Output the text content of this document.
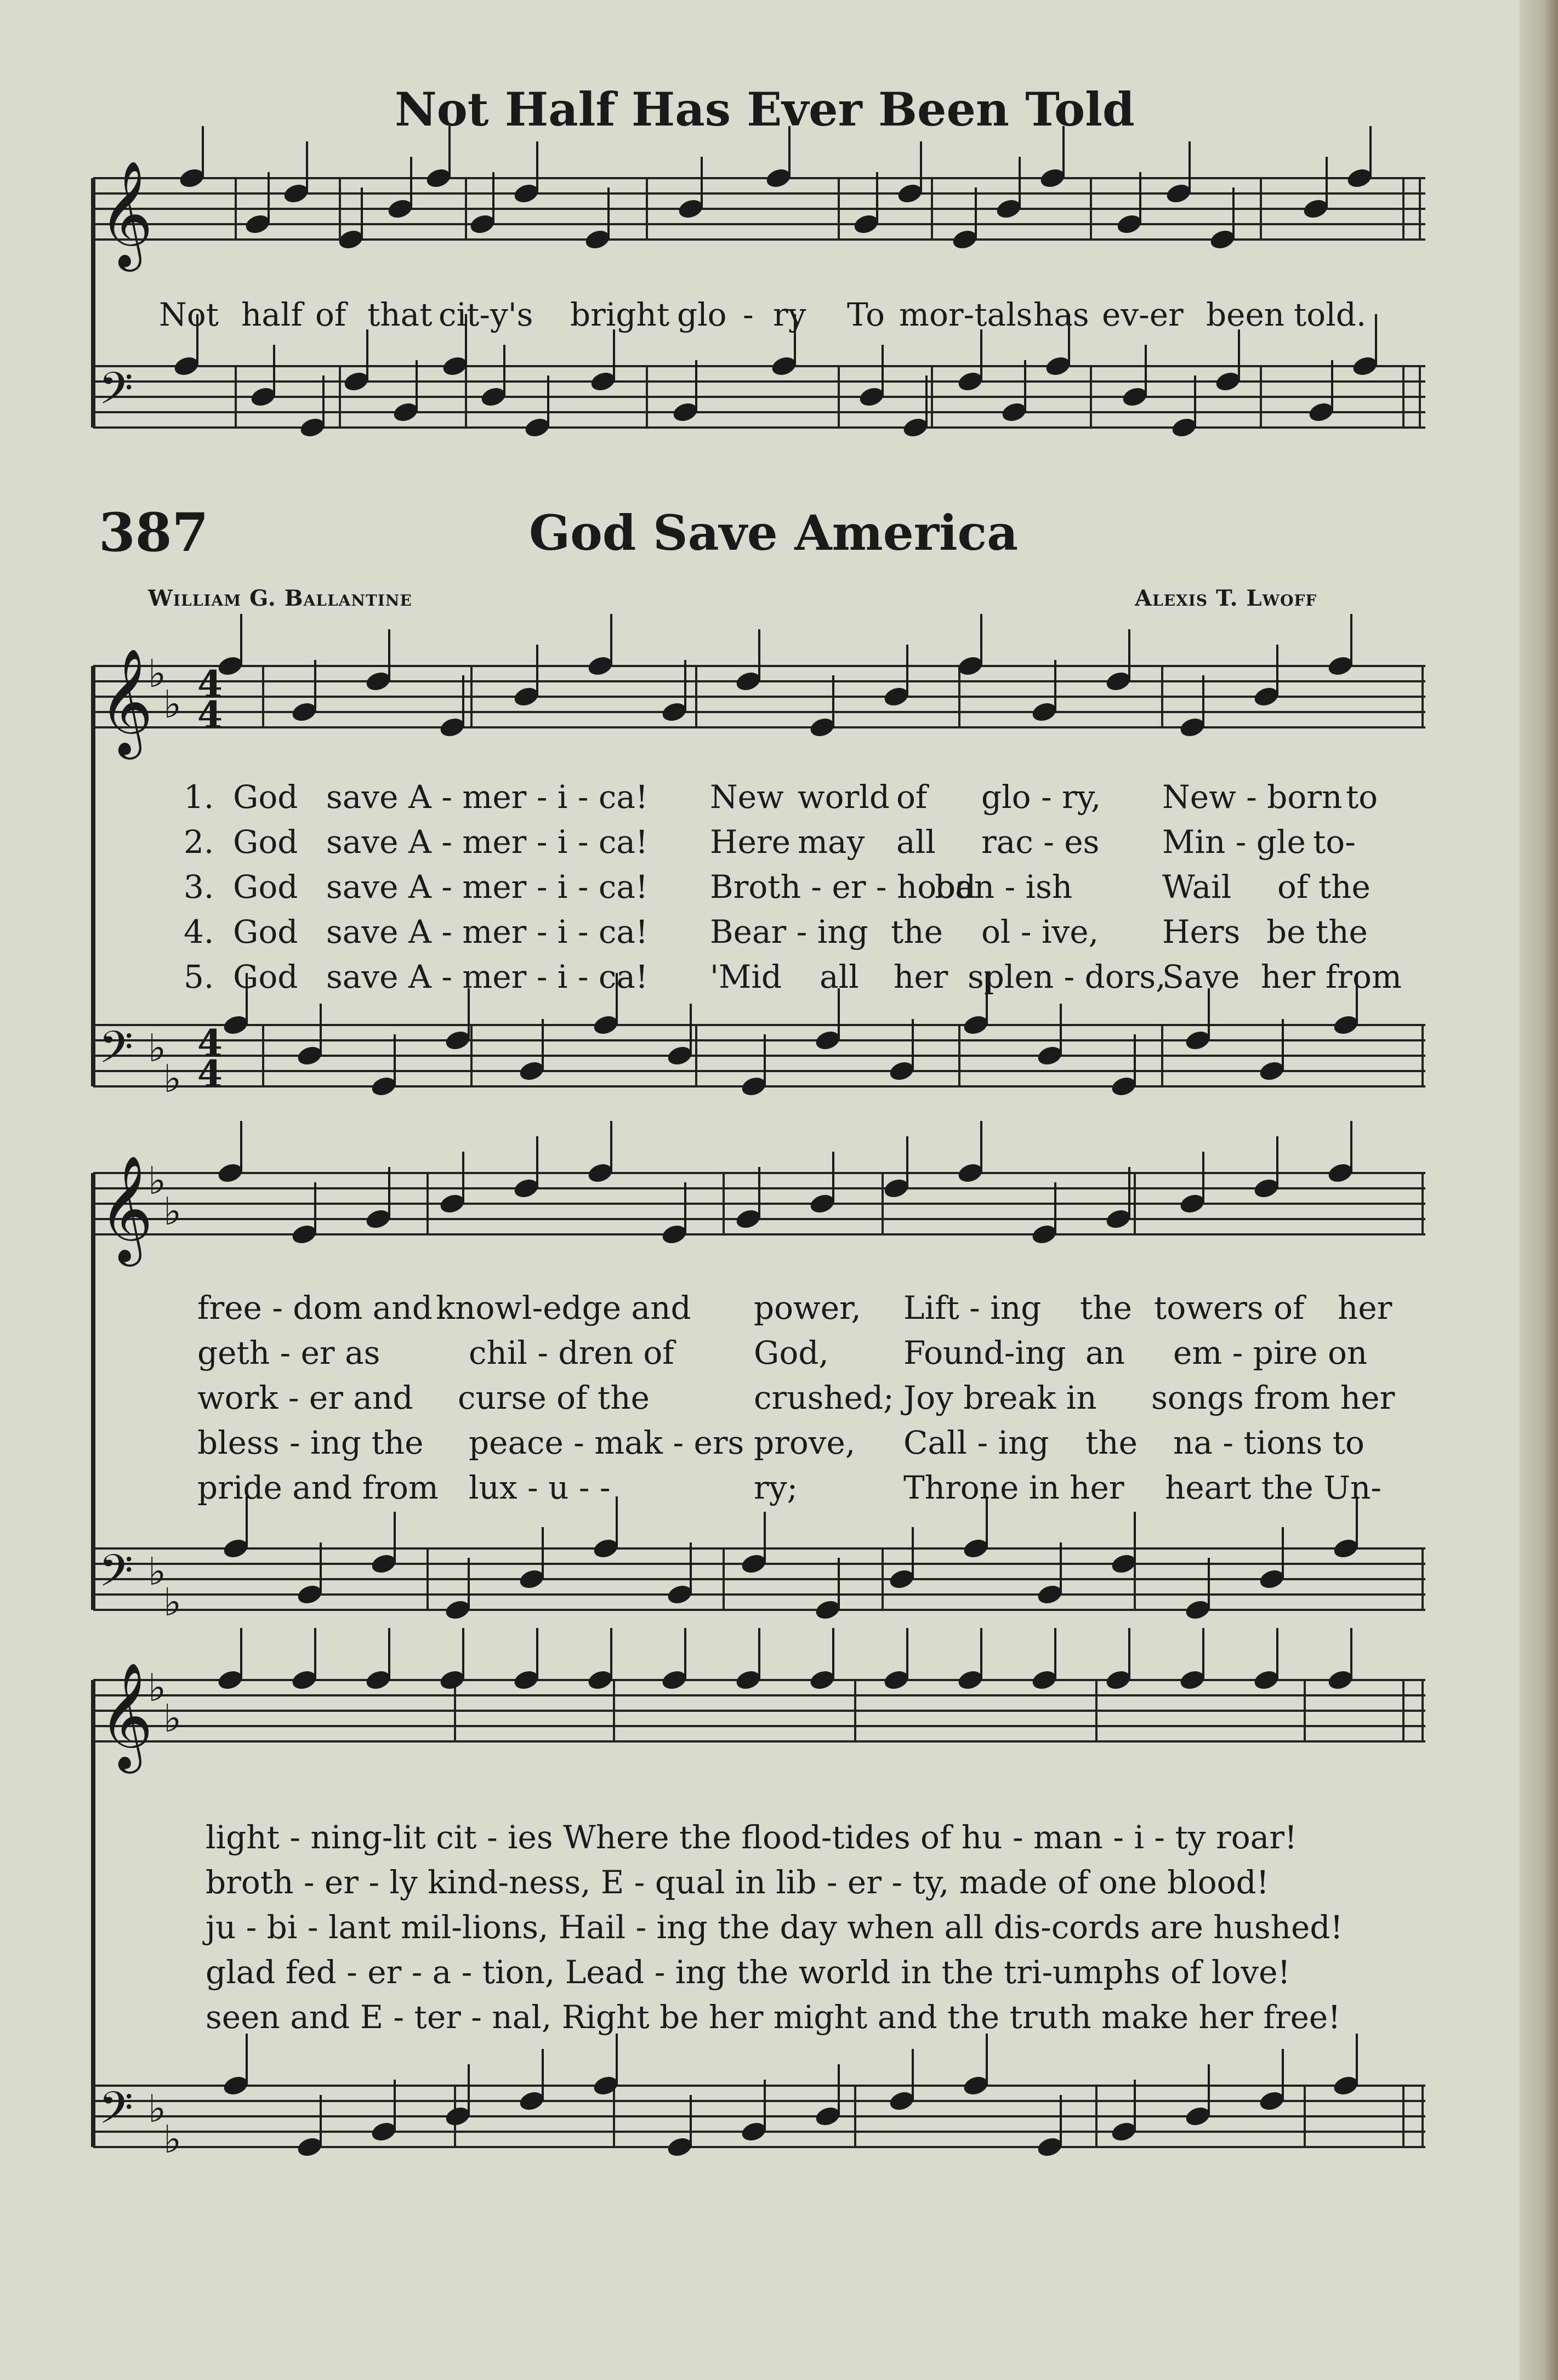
Not Half Has Ever Been Told
𝄞
𝄢
Not half of that cit-y's bright glo - ry To mor-tals has ev-er been told.
387	God Save America
William G. Ballantine	Alexis T. Lwoff
𝄞
𝄢
♭
♭
♭
♭
𝄞
𝄢
♭
♭
♭
♭
𝄞
𝄢
♭
♭
♭
♭
4
4
4
4
1. God save A - mer - i - ca! New world of glo - ry, New - born to
2. God save A - mer - i - ca! Here may all rac - es Min - gle to-
3. God save A - mer - i - ca! Broth - er - hood
ban - ish	Wail of the
4. God save A - mer - i - ca! Bear - ing the ol - ive, Hers be the
5. God save A - mer - i - ca! 'Mid all her splen - dors,
Save her from
free - dom and knowl-edge and power, Lift - ing the towers of her
geth - er as	chil - dren of	God, Found-ing an em - pire on
work - er and curse of the	crushed; Joy break in songs from her
bless - ing the peace - mak - ers prove, Call - ing the na - tions to
pride and from lux - u - -	ry;	Throne in her heart the Un-
light - ning-lit cit - ies Where the flood-tides of hu - man - i - ty roar!
broth - er - ly kind-ness, E - qual in lib - er - ty, made of one blood!
ju - bi - lant mil-lions, Hail - ing the day when all dis-cords are hushed!
glad fed - er - a - tion, Lead - ing the world in the tri-umphs of love!
seen and E - ter - nal, Right be her might and the truth make her free!
